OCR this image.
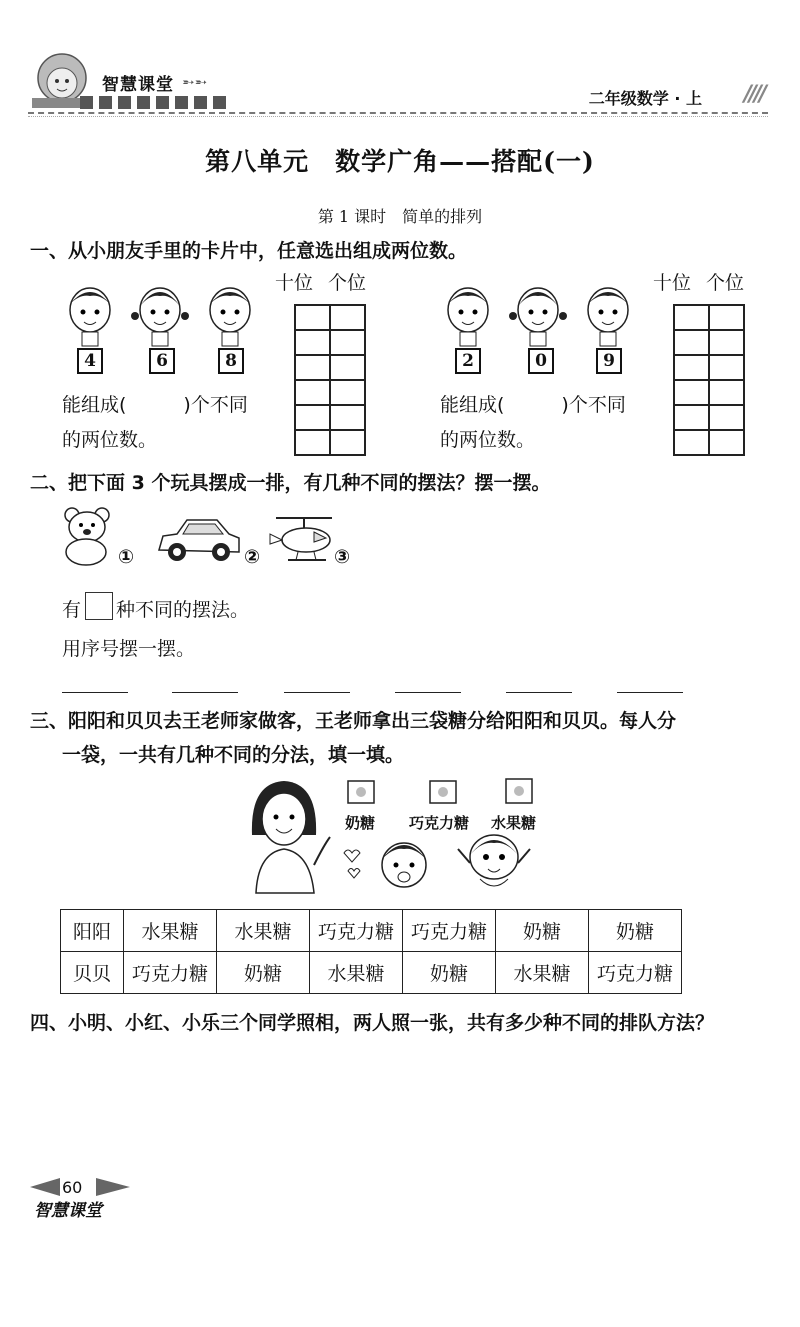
智慧课堂 ➵➵
二年级数学 · 上 ////
第八单元　数学广角——搭配(一)
第 1 课时　简单的排列
一、从小朋友手里的卡片中，任意选出组成两位数。
4	6	8
能组成(　　　)个不同
的两位数。
十位 个位

2	0	9
能组成(　　　)个不同
的两位数。
十位 个位

二、把下面 3 个玩具摆成一排，有几种不同的摆法？摆一摆。
①	②	③
有 种不同的摆法。
用序号摆一摆。
三、阳阳和贝贝去王老师家做客，王老师拿出三袋糖分给阳阳和贝贝。每人分
一袋，一共有几种不同的分法，填一填。
奶糖 巧克力糖 水果糖
阳阳	水果糖	水果糖	巧克力糖	巧克力糖	奶糖	奶糖
贝贝	巧克力糖	奶糖	水果糖	奶糖	水果糖	巧克力糖
四、小明、小红、小乐三个同学照相，两人照一张，共有多少种不同的排队方法？
60
智慧课堂
